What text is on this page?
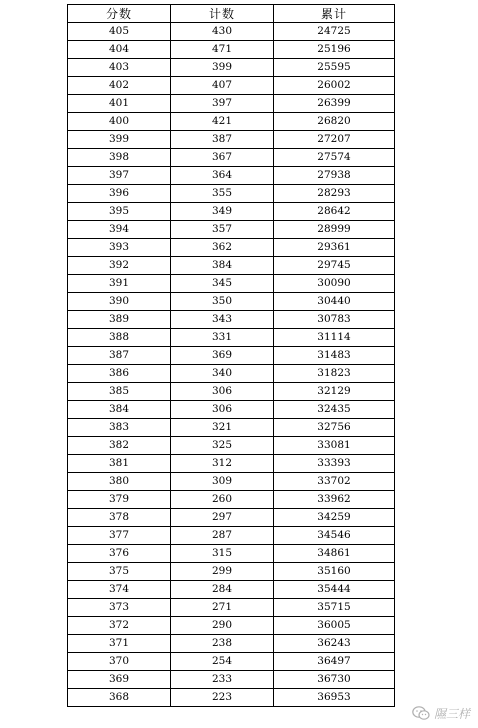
分数	计数	累计
405	430	24725
404	471	25196
403	399	25595
402	407	26002
401	397	26399
400	421	26820
399	387	27207
398	367	27574
397	364	27938
396	355	28293
395	349	28642
394	357	28999
393	362	29361
392	384	29745
391	345	30090
390	350	30440
389	343	30783
388	331	31114
387	369	31483
386	340	31823
385	306	32129
384	306	32435
383	321	32756
382	325	33081
381	312	33393
380	309	33702
379	260	33962
378	297	34259
377	287	34546
376	315	34861
375	299	35160
374	284	35444
373	271	35715
372	290	36005
371	238	36243
370	254	36497
369	233	36730
368	223	36953
隰三样
